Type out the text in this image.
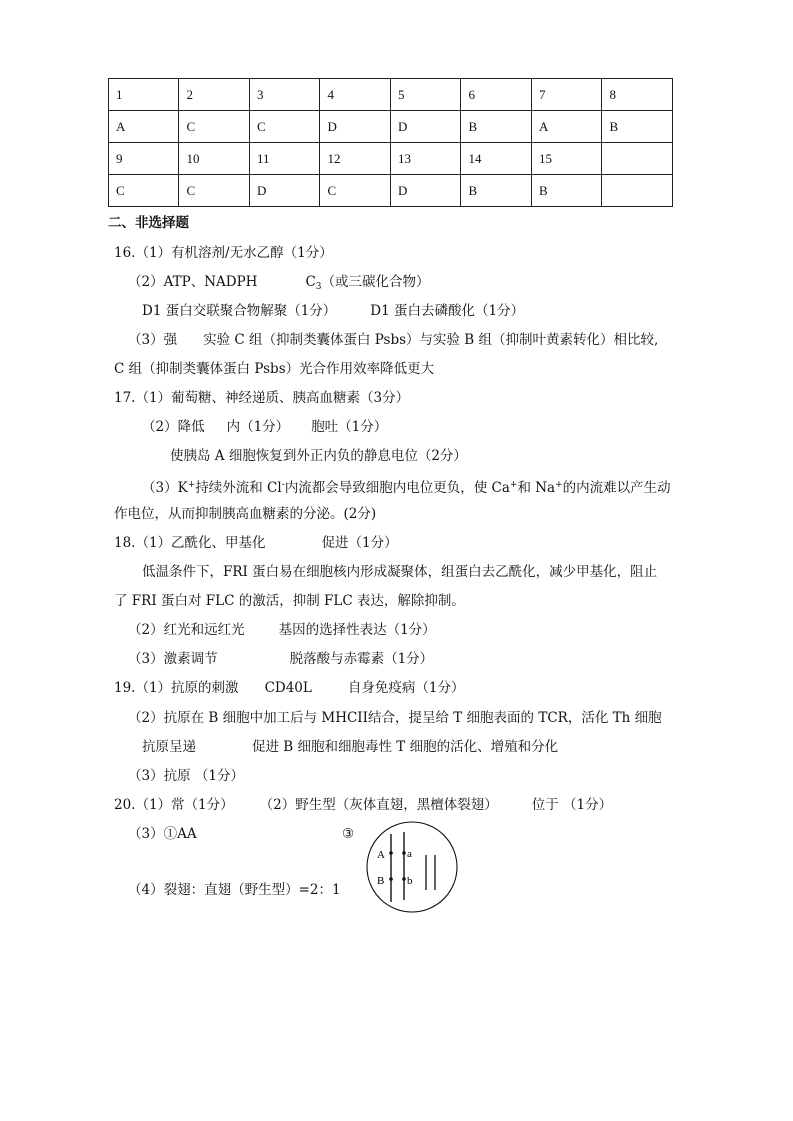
1	2	3	4	5	6	7	8
A	C	C	D	D	B	A	B
9	10	11	12	13	14	15	
C	C	D	C	D	B	B	
二、非选择题
16.（1）有机溶剂/无水乙醇（1分）
（2）ATP、NADPH	$C_3$（或三碳化合物）
D1 蛋白交联聚合物解聚（1分）	D1 蛋白去磷酸化（1分）
（3）强 实验 C 组（抑制类囊体蛋白 Psbs）与实验 B 组（抑制叶黄素转化）相比较,
C 组（抑制类囊体蛋白 Psbs）光合作用效率降低更大
17.（1）葡萄糖、神经递质、胰高血糖素（3分）
（2）降低 内（1分） 胞吐（1分）
使胰岛 A 细胞恢复到外正内负的静息电位（2分）
（3）K+持续外流和 Cl-内流都会导致细胞内电位更负，使 Ca+和 Na+的内流难以产生动
作电位，从而抑制胰高血糖素的分泌。(2分)
18.（1）乙酰化、甲基化	促进（1分）
低温条件下，FRI 蛋白易在细胞核内形成凝聚体，组蛋白去乙酰化，减少甲基化，阻止
了 FRI 蛋白对 FLC 的激活，抑制 FLC 表达，解除抑制。
（2）红光和远红光	基因的选择性表达（1分）
（3）激素调节	脱落酸与赤霉素（1分）
19.（1）抗原的刺激 CD40L	自身免疫病（1分）
（2）抗原在 B 细胞中加工后与 MHCII结合，提呈给 T 细胞表面的 TCR，活化 Th 细胞
抗原呈递	促进 B 细胞和细胞毒性 T 细胞的活化、增殖和分化
（3）抗原 （1分）
20.（1）常（1分） （2）野生型（灰体直翅，黑檀体裂翅）	位于 （1分）
（3）①AA	③
（4）裂翅：直翅（野生型）=2：1
A a
B b
